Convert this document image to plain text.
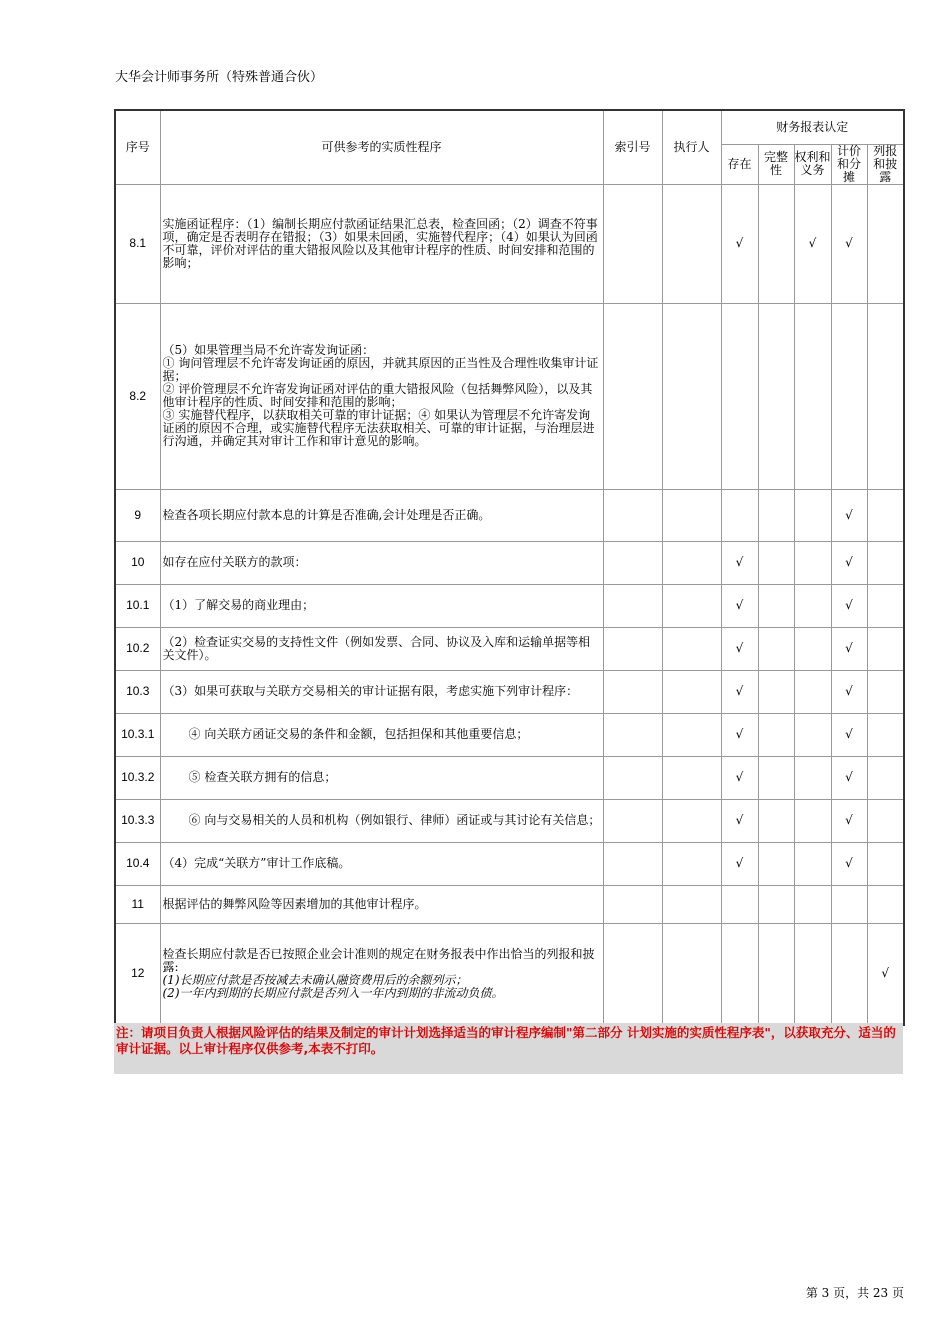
大华会计师事务所（特殊普通合伙）
序号	可供参考的实质性程序	索引号	执行人	财务报表认定				
				存在	完整性	权利和义务	计价和分摊	列报和披露
8.1	实施函证程序：（1）编制长期应付款函证结果汇总表，检查回函；（2）调查不符事项，确定是否表明存在错报；（3）如果未回函，实施替代程序；（4）如果认为回函不可靠，评价对评估的重大错报风险以及其他审计程序的性质、时间安排和范围的影响；			√		√	√	
8.2	（5）如果管理当局不允许寄发询证函：
① 询问管理层不允许寄发询证函的原因，并就其原因的正当性及合理性收集审计证据；
② 评价管理层不允许寄发询证函对评估的重大错报风险（包括舞弊风险），以及其他审计程序的性质、时间安排和范围的影响；
③ 实施替代程序，以获取相关可靠的审计证据；④ 如果认为管理层不允许寄发询证函的原因不合理，或实施替代程序无法获取相关、可靠的审计证据，与治理层进行沟通，并确定其对审计工作和审计意见的影响。							

9	检查各项长期应付款本息的计算是否准确,会计处理是否正确。						√	
10	如存在应付关联方的款项：			√			√	
10.1	（1）了解交易的商业理由；			√			√	
10.2	（2）检查证实交易的支持性文件（例如发票、合同、协议及入库和运输单据等相关文件）。			√			√	
10.3	（3）如果可获取与关联方交易相关的审计证据有限，考虑实施下列审计程序：			√			√	
10.3.1	④ 向关联方函证交易的条件和金额，包括担保和其他重要信息；			√			√	
10.3.2	⑤ 检查关联方拥有的信息；			√			√	
10.3.3	⑥ 向与交易相关的人员和机构（例如银行、律师）函证或与其讨论有关信息；			√			√	
10.4	（4）完成“关联方”审计工作底稿。			√			√	
11	根据评估的舞弊风险等因素增加的其他审计程序。							
12	检查长期应付款是否已按照企业会计准则的规定在财务报表中作出恰当的列报和披露:
(1)长期应付款是否按减去未确认融资费用后的余额列示；
(2)一年内到期的长期应付款是否列入一年内到期的非流动负债。							√
注：请项目负责人根据风险评估的结果及制定的审计计划选择适当的审计程序编制"第二部分 计划实施的实质性程序表"，以获取充分、适当的审计证据。以上审计程序仅供参考,本表不打印。
第 3 页，共 23 页
